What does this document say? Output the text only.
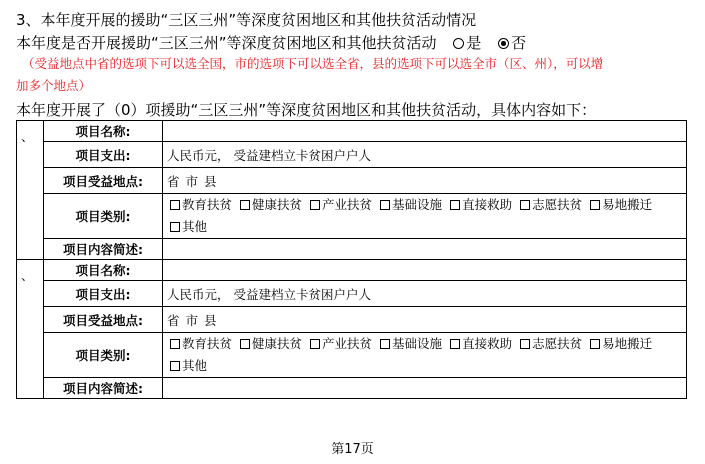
3、本年度开展的援助“三区三州”等深度贫困地区和其他扶贫活动情况
本年度是否开展援助“三区三州”等深度贫困地区和其他扶贫活动 是 否
（受益地点中省的选项下可以选全国，市的选项下可以选全省，县的选项下可以选全市（区、州），可以增
加多个地点）
本年度开展了（0）项援助“三区三州”等深度贫困地区和其他扶贫活动，具体内容如下：
、	项目名称:	
	项目支出:	人民币元， 受益建档立卡贫困户户人
	项目受益地点:	省 市 县
	项目类别:	教育扶贫 健康扶贫 产业扶贫 基础设施 直接救助 志愿扶贫 易地搬迁其他
	项目内容简述:	
、	项目名称:	
	项目支出:	人民币元， 受益建档立卡贫困户户人
	项目受益地点:	省 市 县
	项目类别:	教育扶贫 健康扶贫 产业扶贫 基础设施 直接救助 志愿扶贫 易地搬迁其他
	项目内容简述:	
第17页
